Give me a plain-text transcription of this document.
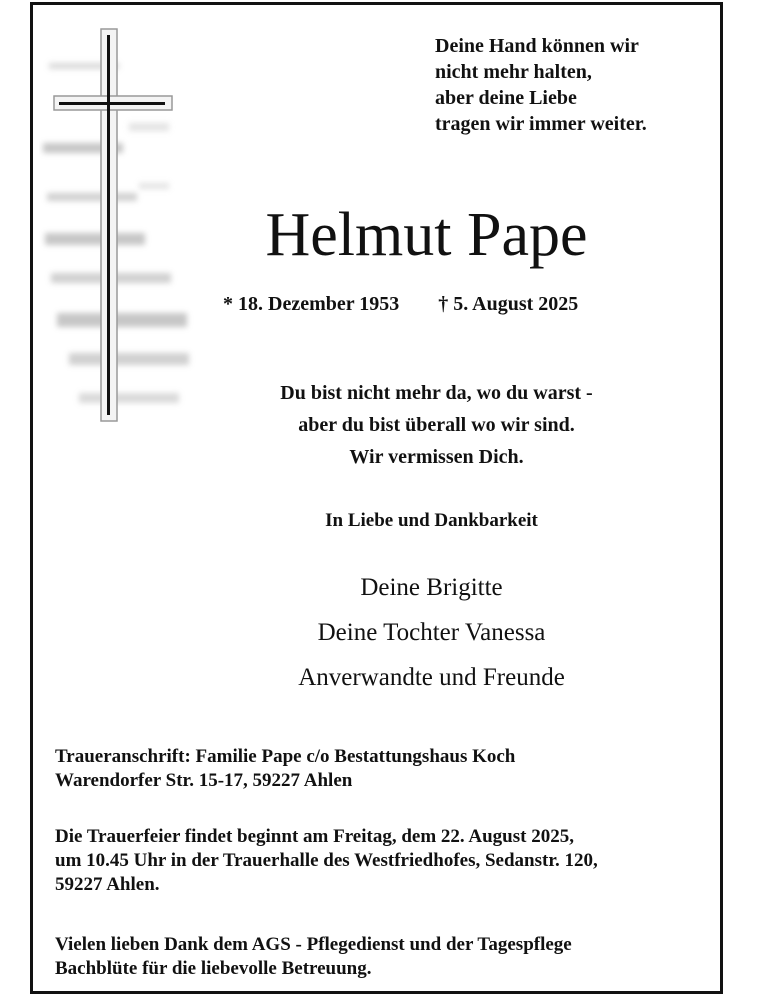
Deine Hand können wir
nicht mehr halten,
aber deine Liebe
tragen wir immer weiter.
Helmut Pape
* 18. Dezember 1953 † 5. August 2025
Du bist nicht mehr da, wo du warst -
aber du bist überall wo wir sind.
Wir vermissen Dich.
In Liebe und Dankbarkeit
Deine Brigitte
Deine Tochter Vanessa
Anverwandte und Freunde
Traueranschrift: Familie Pape c/o Bestattungshaus Koch
Warendorfer Str. 15-17, 59227 Ahlen
Die Trauerfeier findet beginnt am Freitag, dem 22. August 2025,
um 10.45 Uhr in der Trauerhalle des Westfriedhofes, Sedanstr. 120,
59227 Ahlen.
Vielen lieben Dank dem AGS - Pflegedienst und der Tagespflege
Bachblüte für die liebevolle Betreuung.
